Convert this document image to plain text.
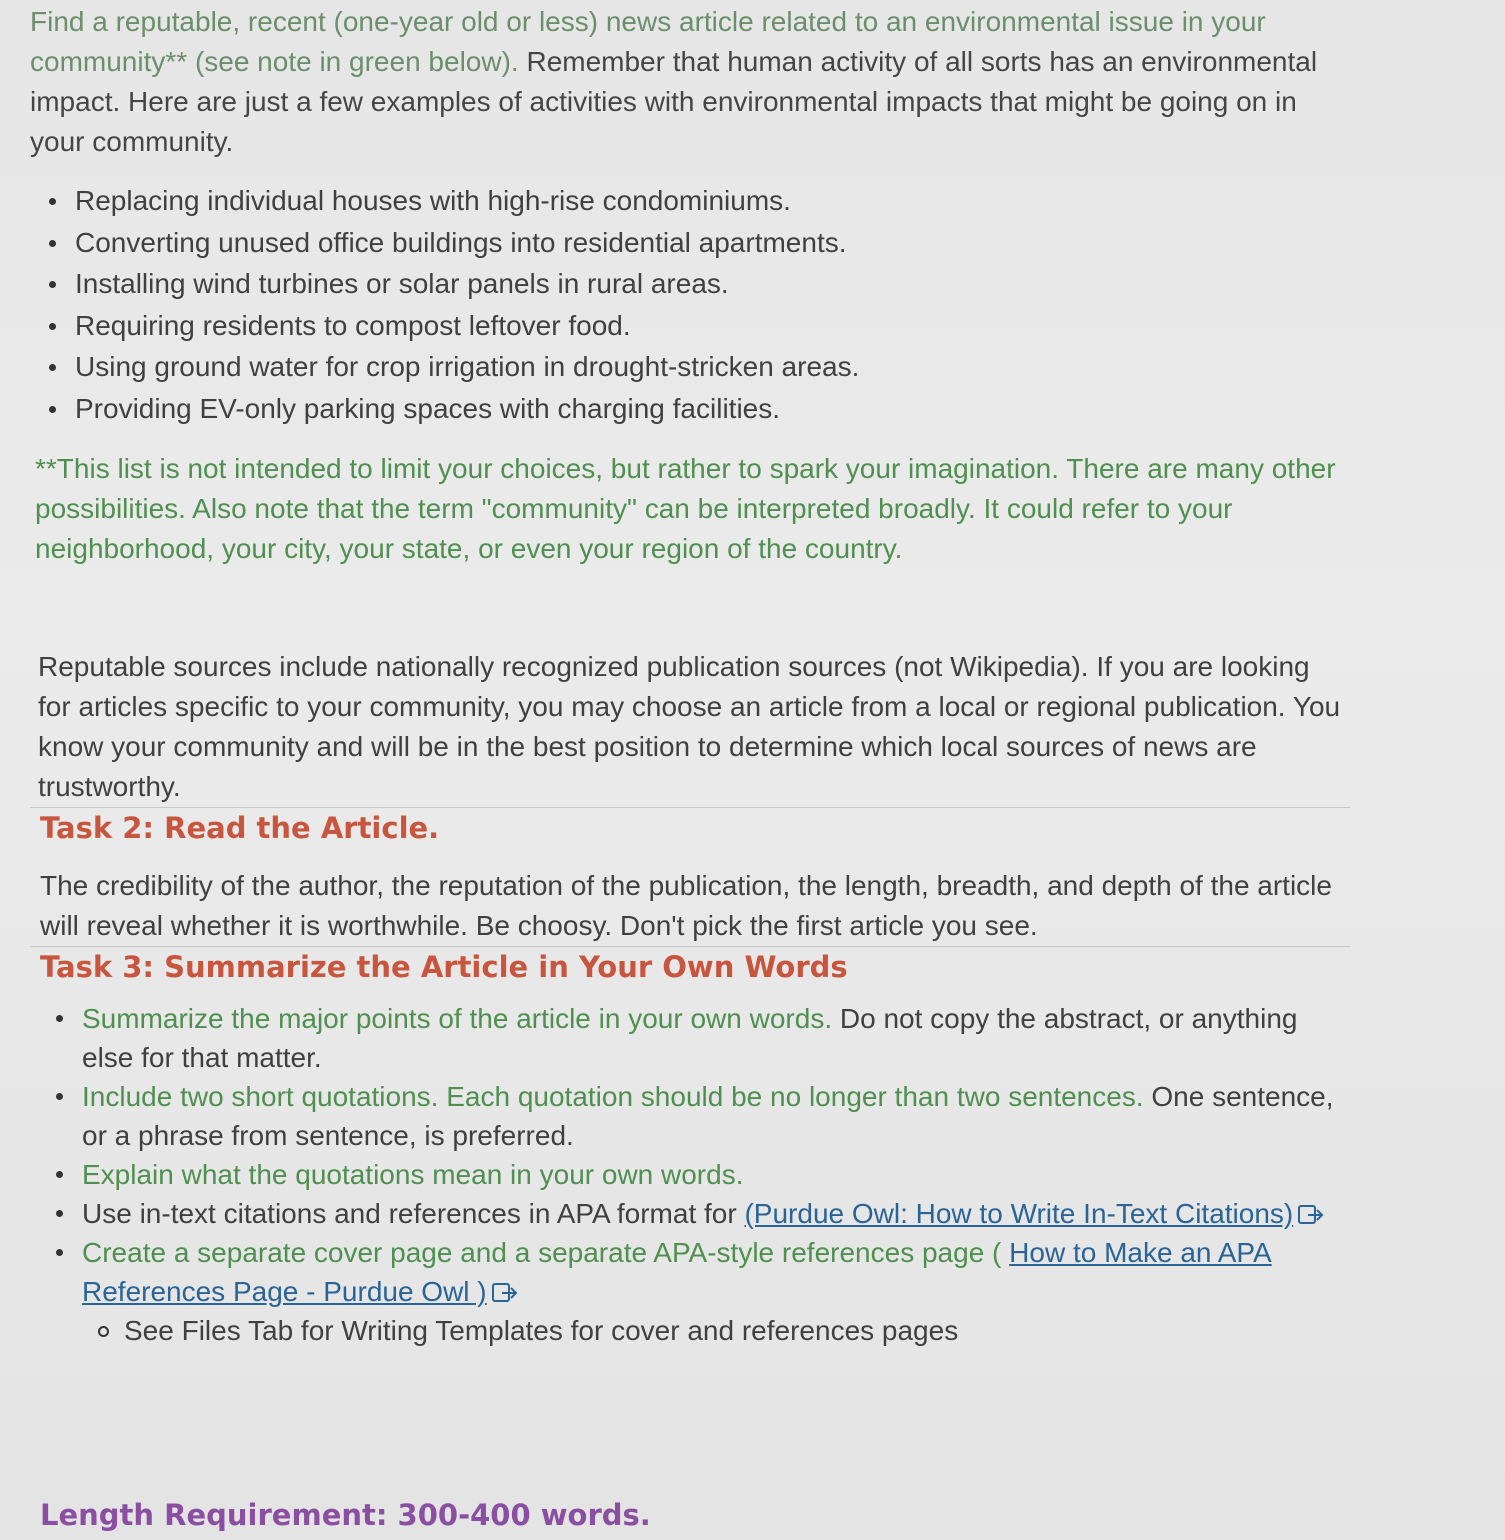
Find a reputable, recent (one-year old or less) news article related to an environmental issue in your community** (see note in green below). Remember that human activity of all sorts has an environmental impact. Here are just a few examples of activities with environmental impacts that might be going on in your community.

Replacing individual houses with high-rise condominiums.
Converting unused office buildings into residential apartments.
Installing wind turbines or solar panels in rural areas.
Requiring residents to compost leftover food.
Using ground water for crop irrigation in drought-stricken areas.
Providing EV-only parking spaces with charging facilities.

**This list is not intended to limit your choices, but rather to spark your imagination. There are many other possibilities. Also note that the term "community" can be interpreted broadly. It could refer to your neighborhood, your city, your state, or even your region of the country.

Reputable sources include nationally recognized publication sources (not Wikipedia). If you are looking for articles specific to your community, you may choose an article from a local or regional publication. You know your community and will be in the best position to determine which local sources of news are trustworthy.

Task 2: Read the Article.

The credibility of the author, the reputation of the publication, the length, breadth, and depth of the article will reveal whether it is worthwhile. Be choosy. Don't pick the first article you see.

Task 3: Summarize the Article in Your Own Words
Summarize the major points of the article in your own words. Do not copy the abstract, or anything else for that matter.
Include two short quotations. Each quotation should be no longer than two sentences. One sentence, or a phrase from sentence, is preferred.
Explain what the quotations mean in your own words.
Use in-text citations and references in APA format for (Purdue Owl: How to Write In-Text Citations)
Create a separate cover page and a separate APA-style references page ( How to Make an APA References Page - Purdue Owl )
See Files Tab for Writing Templates for cover and references pages
Length Requirement: 300-400 words.
